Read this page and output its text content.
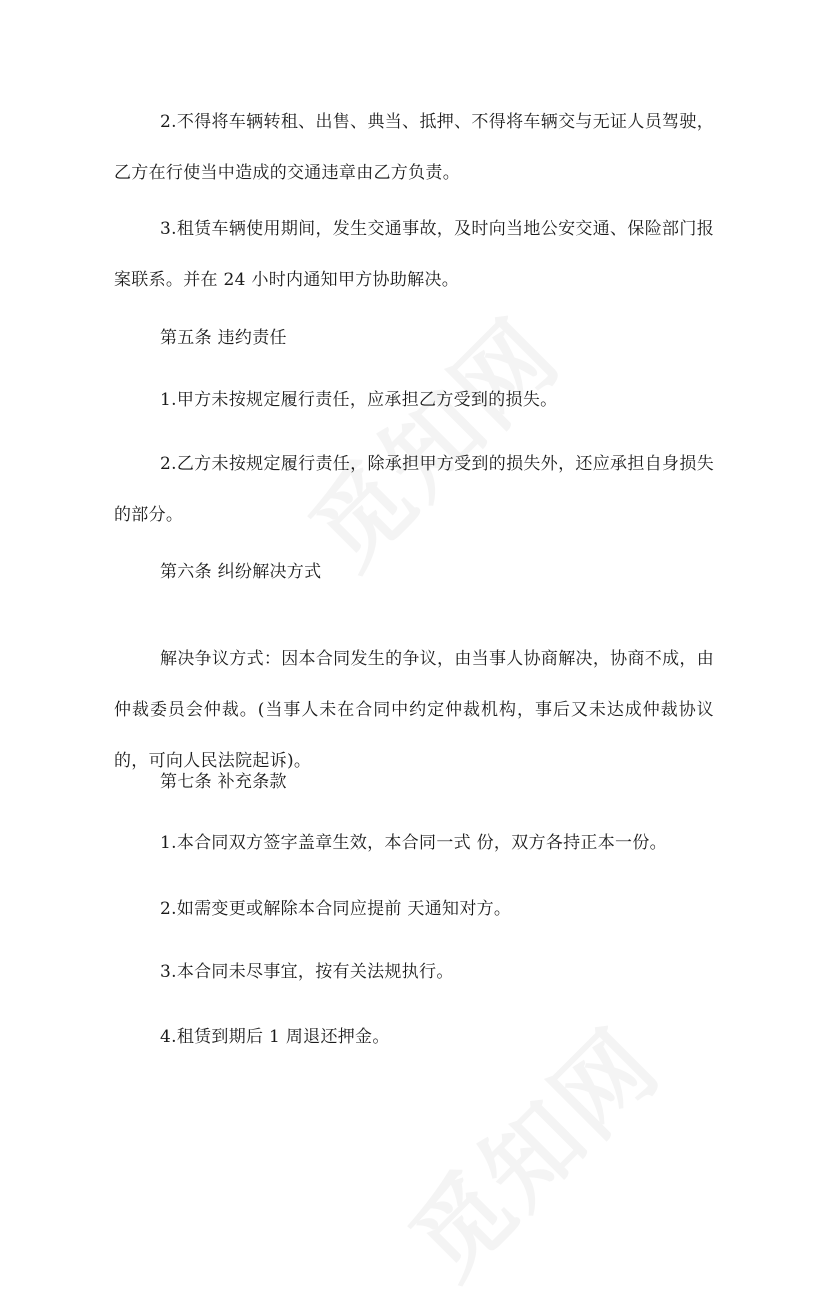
2.不得将车辆转租、出售、典当、抵押、不得将车辆交与无证人员驾驶，乙方在行使当中造成的交通违章由乙方负责。

3.租赁车辆使用期间，发生交通事故，及时向当地公安交通、保险部门报案联系。并在 24 小时内通知甲方协助解决。

第五条 违约责任

1.甲方未按规定履行责任，应承担乙方受到的损失。

2.乙方未按规定履行责任，除承担甲方受到的损失外，还应承担自身损失的部分。

第六条 纠纷解决方式

解决争议方式：因本合同发生的争议，由当事人协商解决，协商不成，由 仲裁委员会仲裁。(当事人未在合同中约定仲裁机构，事后又未达成仲裁协议的，可向人民法院起诉)。

第七条 补充条款

1.本合同双方签字盖章生效，本合同一式 份，双方各持正本一份。

2.如需变更或解除本合同应提前 天通知对方。

3.本合同未尽事宜，按有关法规执行。

4.租赁到期后 1 周退还押金。
